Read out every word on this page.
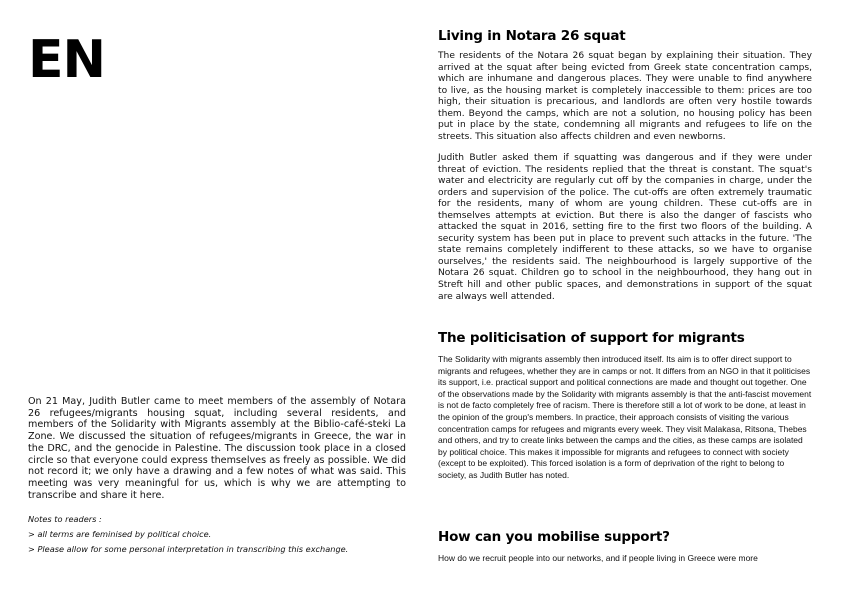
EN

On 21 May, Judith Butler came to meet members of the assembly of Notara 26 refugees/migrants housing squat, including several residents, and members of the Solidarity with Migrants assembly at the Biblio-café-steki La Zone. We discussed the situation of refugees/migrants in Greece, the war in the DRC, and the genocide in Palestine. The discussion took place in a closed circle so that everyone could express themselves as freely as possible. We did not record it; we only have a drawing and a few notes of what was said. This meeting was very meaningful for us, which is why we are attempting to transcribe and share it here.

Notes to readers :

> all terms are feminised by political choice.

> Please allow for some personal interpretation in transcribing this exchange.

Living in Notara 26 squat

The residents of the Notara 26 squat began by explaining their situation. They arrived at the squat after being evicted from Greek state concentration camps, which are inhumane and dangerous places. They were unable to find anywhere to live, as the housing market is completely inaccessible to them: prices are too high, their situation is precarious, and landlords are often very hostile towards them. Beyond the camps, which are not a solution, no housing policy has been put in place by the state, condemning all migrants and refugees to life on the streets. This situation also affects children and even newborns.

Judith Butler asked them if squatting was dangerous and if they were under threat of eviction. The residents replied that the threat is constant. The squat's water and electricity are regularly cut off by the companies in charge, under the orders and supervision of the police. The cut-offs are often extremely traumatic for the residents, many of whom are young children. These cut-offs are in themselves attempts at eviction. But there is also the danger of fascists who attacked the squat in 2016, setting fire to the first two floors of the building. A security system has been put in place to prevent such attacks in the future. 'The state remains completely indifferent to these attacks, so we have to organise ourselves,' the residents said. The neighbourhood is largely supportive of the Notara 26 squat. Children go to school in the neighbourhood, they hang out in Streft hill and other public spaces, and demonstrations in support of the squat are always well attended.

The politicisation of support for migrants

The Solidarity with migrants assembly then introduced itself. Its aim is to offer direct support to migrants and refugees, whether they are in camps or not. It differs from an NGO in that it politicises its support, i.e. practical support and political connections are made and thought out together. One of the observations made by the Solidarity with migrants assembly is that the anti-fascist movement is not de facto completely free of racism. There is therefore still a lot of work to be done, at least in the opinion of the group's members. In practice, their approach consists of visiting the various concentration camps for refugees and migrants every week. They visit Malakasa, Ritsona, Thebes and others, and try to create links between the camps and the cities, as these camps are isolated by political choice. This makes it impossible for migrants and refugees to connect with society (except to be exploited). This forced isolation is a form of deprivation of the right to belong to society, as Judith Butler has noted.

How can you mobilise support?

How do we recruit people into our networks, and if people living in Greece were more
